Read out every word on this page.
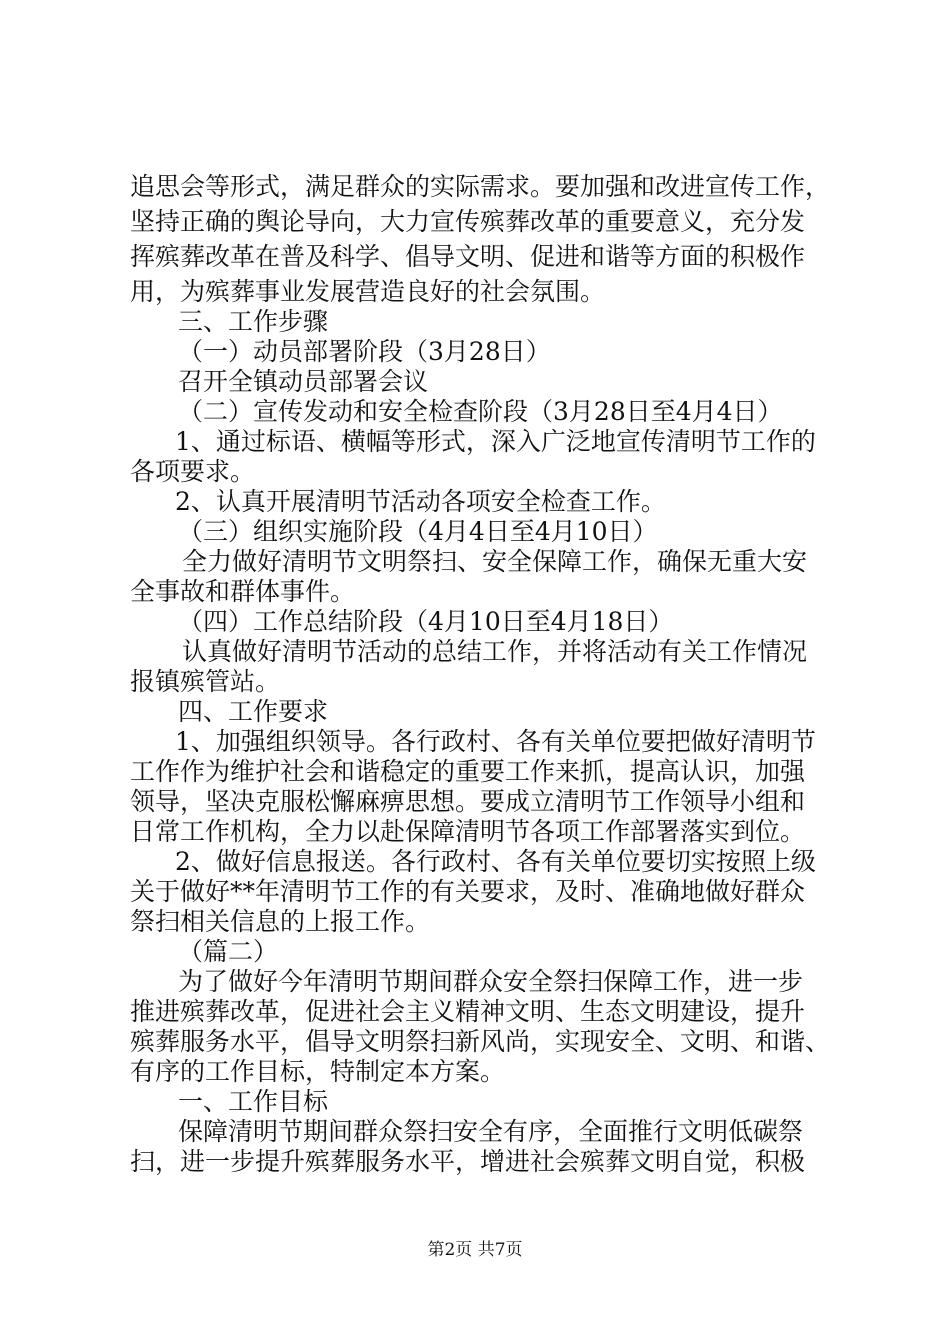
追思会等形式，满足群众的实际需求。要加强和改进宣传工作，
坚持正确的舆论导向，大力宣传殡葬改革的重要意义，充分发
挥殡葬改革在普及科学、倡导文明、促进和谐等方面的积极作
用，为殡葬事业发展营造良好的社会氛围。
三、工作步骤
（一）动员部署阶段（3月28日）
召开全镇动员部署会议
（二）宣传发动和安全检查阶段（3月28日至4月4日）
1、通过标语、横幅等形式，深入广泛地宣传清明节工作的
各项要求。
2、认真开展清明节活动各项安全检查工作。
（三）组织实施阶段（4月4日至4月10日）
全力做好清明节文明祭扫、安全保障工作，确保无重大安
全事故和群体事件。
（四）工作总结阶段（4月10日至4月18日）
认真做好清明节活动的总结工作，并将活动有关工作情况
报镇殡管站。
四、工作要求
1、加强组织领导。各行政村、各有关单位要把做好清明节
工作作为维护社会和谐稳定的重要工作来抓，提高认识，加强
领导，坚决克服松懈麻痹思想。要成立清明节工作领导小组和
日常工作机构，全力以赴保障清明节各项工作部署落实到位。
2、做好信息报送。各行政村、各有关单位要切实按照上级
关于做好**年清明节工作的有关要求，及时、准确地做好群众
祭扫相关信息的上报工作。
（篇二）
为了做好今年清明节期间群众安全祭扫保障工作，进一步
推进殡葬改革，促进社会主义精神文明、生态文明建设，提升
殡葬服务水平，倡导文明祭扫新风尚，实现安全、文明、和谐、
有序的工作目标，特制定本方案。
一、工作目标
保障清明节期间群众祭扫安全有序，全面推行文明低碳祭
扫，进一步提升殡葬服务水平，增进社会殡葬文明自觉，积极
第2页 共7页
